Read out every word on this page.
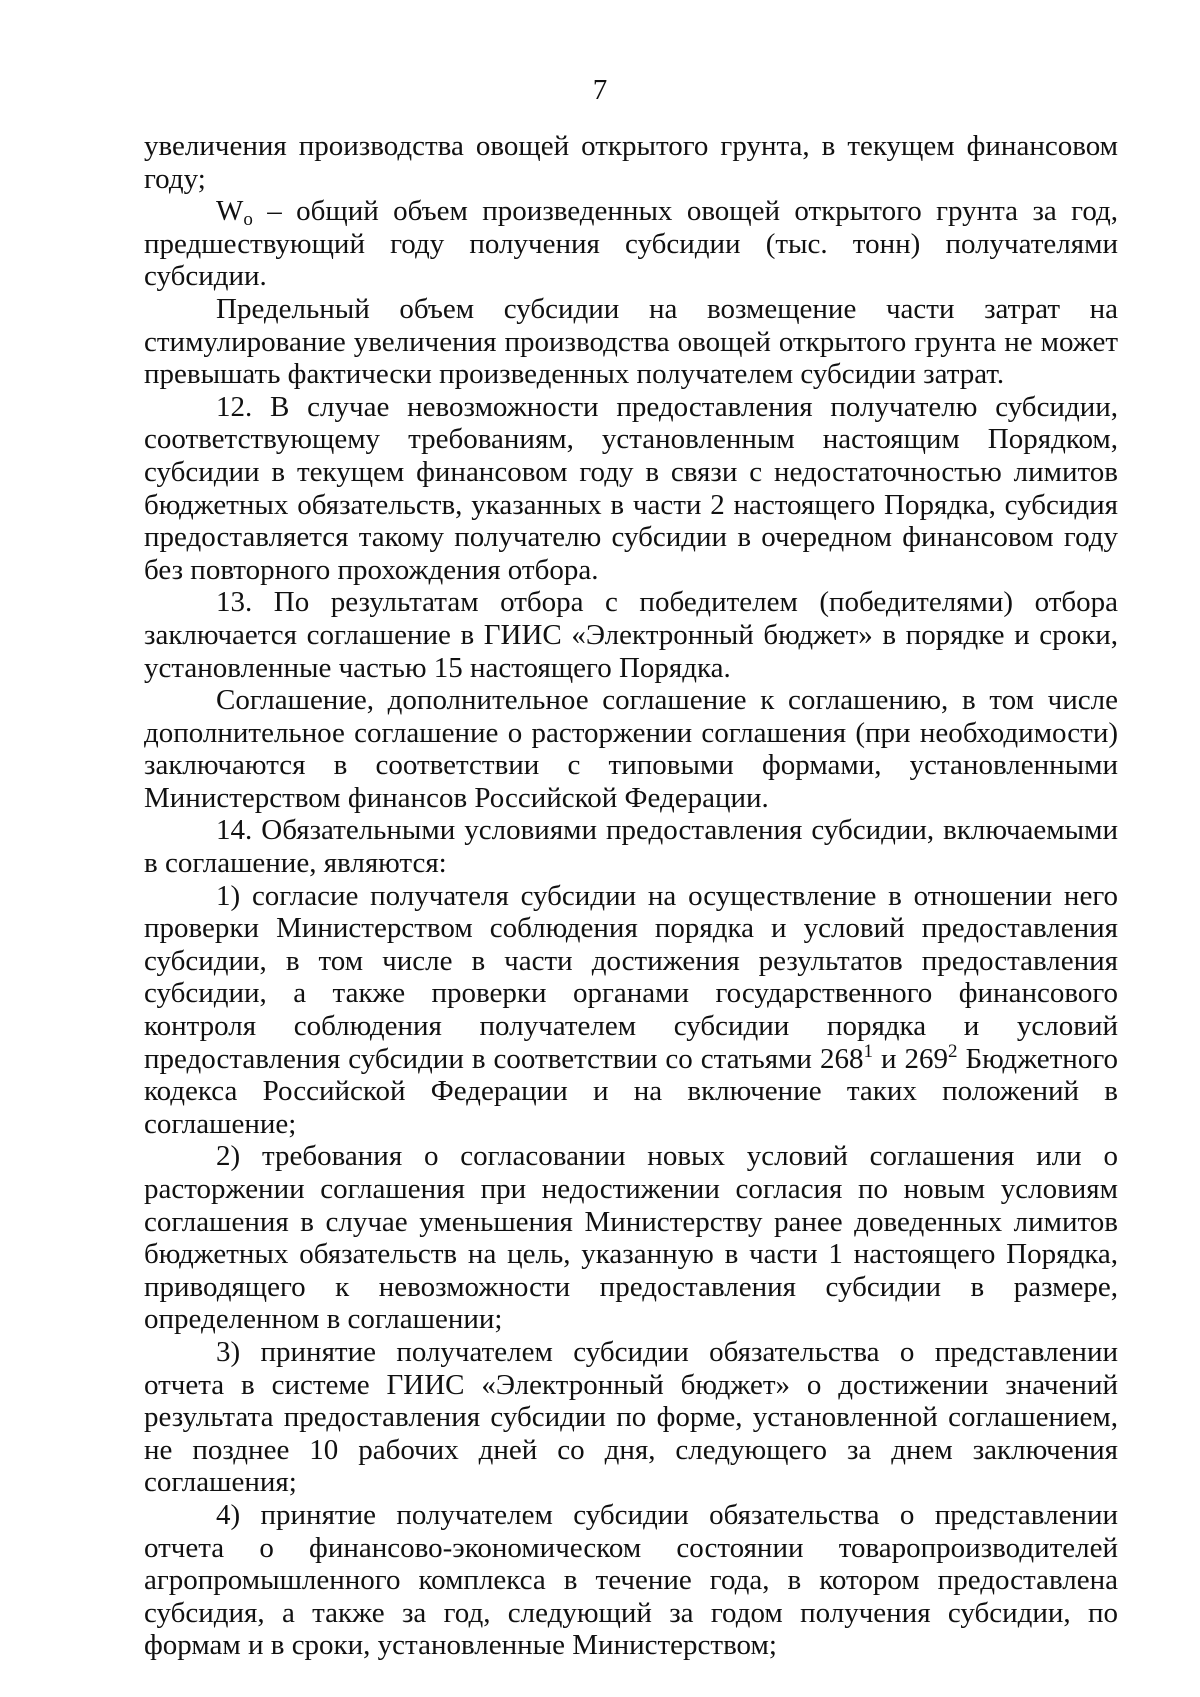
7

увеличения производства овощей открытого грунта, в текущем финансовом году;

$W_о$ – общий объем произведенных овощей открытого грунта за год, предшествующий году получения субсидии (тыс. тонн) получателями субсидии.

Предельный объем субсидии на возмещение части затрат на стимулирование увеличения производства овощей открытого грунта не может превышать фактически произведенных получателем субсидии затрат.

12. В случае невозможности предоставления получателю субсидии, соответствующему требованиям, установленным настоящим Порядком, субсидии в текущем финансовом году в связи с недостаточностью лимитов бюджетных обязательств, указанных в части 2 настоящего Порядка, субсидия предоставляется такому получателю субсидии в очередном финансовом году без повторного прохождения отбора.

13. По результатам отбора с победителем (победителями) отбора заключается соглашение в ГИИС «Электронный бюджет» в порядке и сроки, установленные частью 15 настоящего Порядка.

Соглашение, дополнительное соглашение к соглашению, в том числе дополнительное соглашение о расторжении соглашения (при необходимости) заключаются в соответствии с типовыми формами, установленными Министерством финансов Российской Федерации.

14. Обязательными условиями предоставления субсидии, включаемыми в соглашение, являются:

1) согласие получателя субсидии на осуществление в отношении него проверки Министерством соблюдения порядка и условий предоставления субсидии, в том числе в части достижения результатов предоставления субсидии, а также проверки органами государственного финансового контроля соблюдения получателем субсидии порядка и условий предоставления субсидии в соответствии со статьями $268^1$ и $269^2$ Бюджетного кодекса Российской Федерации и на включение таких положений в соглашение;

2) требования о согласовании новых условий соглашения или о расторжении соглашения при недостижении согласия по новым условиям соглашения в случае уменьшения Министерству ранее доведенных лимитов бюджетных обязательств на цель, указанную в части 1 настоящего Порядка, приводящего к невозможности предоставления субсидии в размере, определенном в соглашении;

3) принятие получателем субсидии обязательства о представлении отчета в системе ГИИС «Электронный бюджет» о достижении значений результата предоставления субсидии по форме, установленной соглашением, не позднее 10 рабочих дней со дня, следующего за днем заключения соглашения;

4) принятие получателем субсидии обязательства о представлении отчета о финансово-экономическом состоянии товаропроизводителей агропромышленного комплекса в течение года, в котором предоставлена субсидия, а также за год, следующий за годом получения субсидии, по формам и в сроки, установленные Министерством;
